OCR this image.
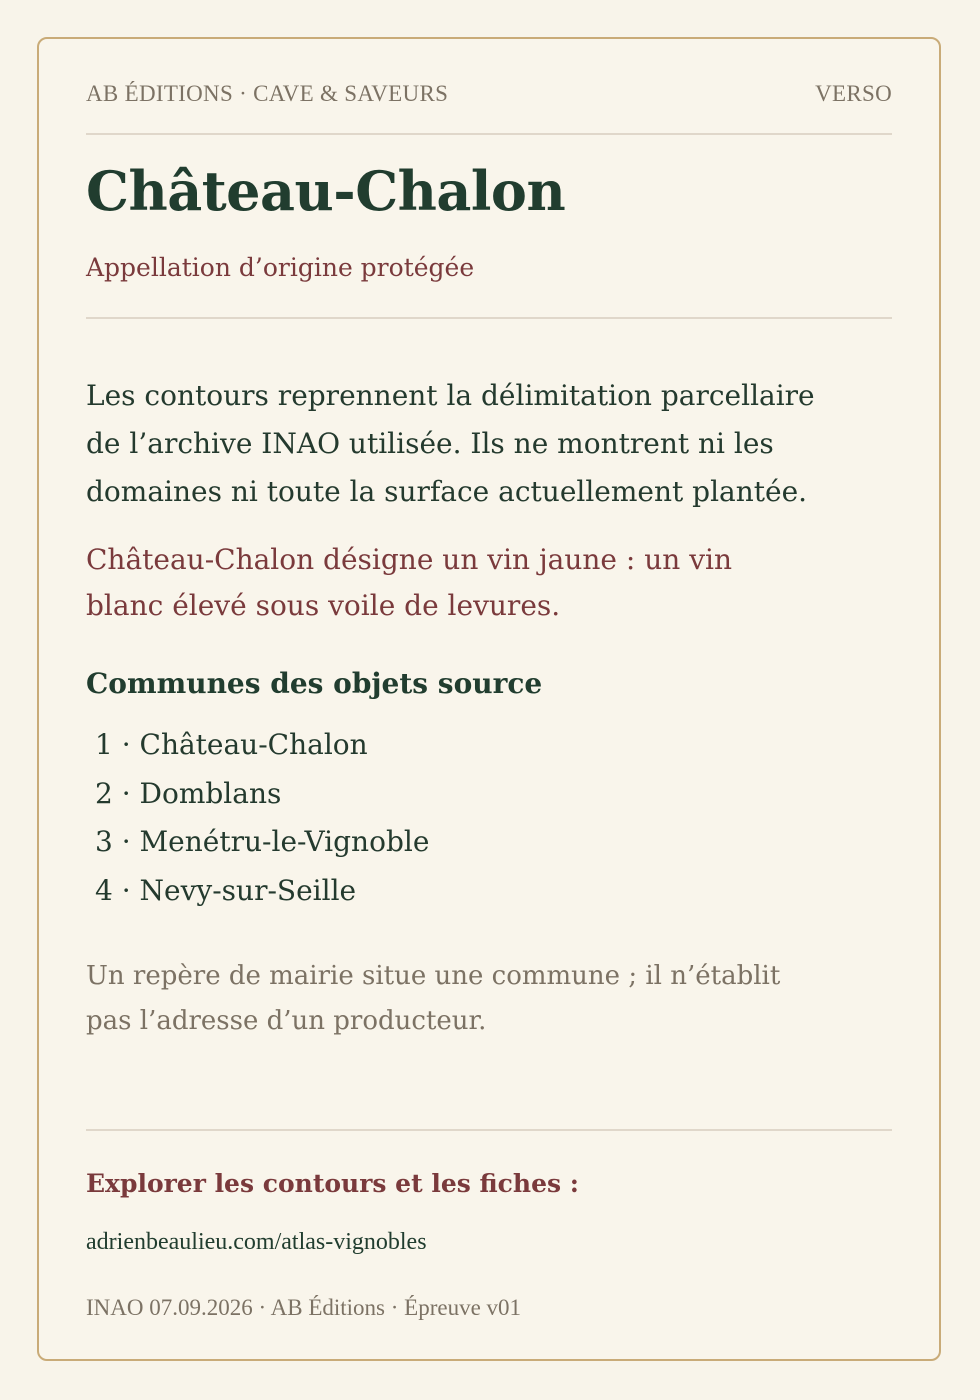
AB ÉDITIONS · CAVE & SAVEURS	VERSO
Château-Chalon
Appellation d’origine protégée

Les contours reprennent la délimitation parcellaire de l’archive INAO utilisée. Ils ne montrent ni les domaines ni toute la surface actuellement plantée.

Château-Chalon désigne un vin jaune : un vin blanc élevé sous voile de levures.

Communes des objets source
1 · Château-Chalon
2 · Domblans
3 · Menétru-le-Vignoble
4 · Nevy-sur-Seille

Un repère de mairie situe une commune ; il n’établit pas l’adresse d’un producteur.

Explorer les contours et les fiches :

adrienbeaulieu.com/atlas-vignobles
INAO 07.09.2026 · AB Éditions · Épreuve v01
